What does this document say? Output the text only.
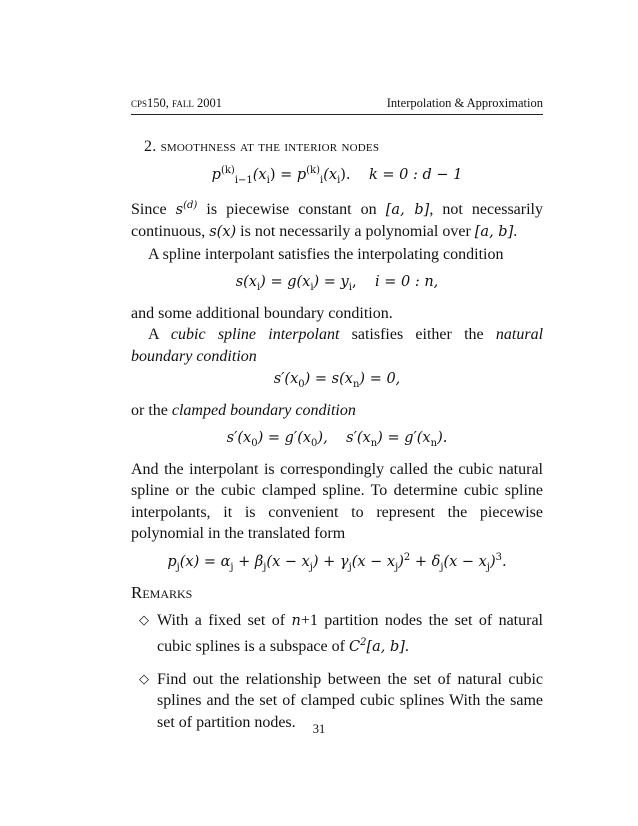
cps150, fall 2001	Interpolation & Approximation

2. smoothness at the interior nodes

$p^{(k)}_{i-1}(x_i) = p^{(k)}_i(x_i)$. k = 0 : d − 1

Since $s^{(d)}$ is piecewise constant on [a, b], not necessarily continuous, s(x) is not necessarily a polynomial over [a, b].

A spline interpolant satisfies the interpolating condition

$s(x_i) = g(x_i) = y_i$, i = 0 : n,

and some additional boundary condition.

A cubic spline interpolant satisfies either the natural boundary condition

$s'(x_0) = s(x_n) = 0$,

or the clamped boundary condition

$s'(x_0) = g'(x_0)$, $s'(x_n) = g'(x_n)$.

And the interpolant is correspondingly called the cubic natural spline or the cubic clamped spline. To determine cubic spline interpolants, it is convenient to represent the piecewise polynomial in the translated form

$p_j(x) = \alpha_j + \beta_j(x - x_j) + \gamma_j(x - x_j)^2 + \delta_j(x - x_j)^3$.
Remarks
◇ With a fixed set of n+1 partition nodes the set of natural cubic splines is a subspace of $C^2[a$, b].
◇ Find out the relationship between the set of natural cubic splines and the set of clamped cubic splines With the same set of partition nodes.	31
